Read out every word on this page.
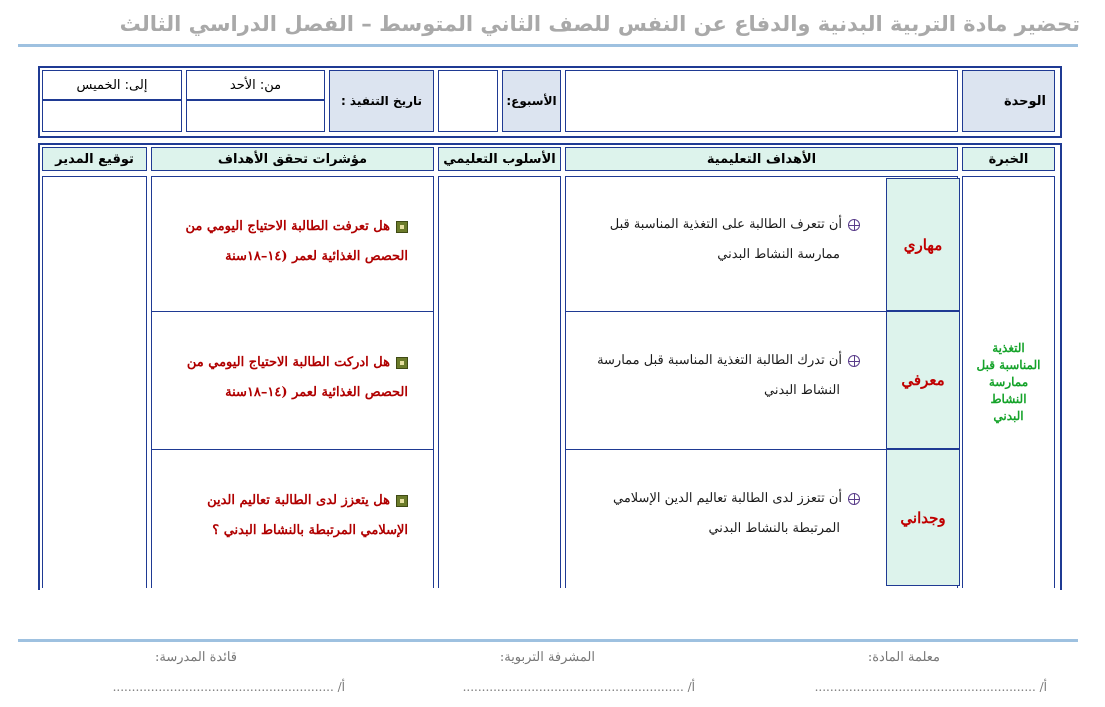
تحضير مادة التربية البدنية والدفاع عن النفس للصف الثاني المتوسط – الفصل الدراسي الثالث
الوحدة
الأسبوع:
تاريخ التنفيذ :
من: الأحد
إلى: الخميس
الخبرة
الأهداف التعليمية
الأسلوب التعليمي
مؤشرات تحقق الأهداف
توقيع المدير
التغذية المناسبة قبل ممارسة النشاط البدني
مهاري
معرفي
وجداني
أن تتعرف الطالبة على التغذية المناسبة قبل
ممارسة النشاط البدني
أن تدرك الطالبة التغذية المناسبة قبل ممارسة
النشاط البدني
أن تتعزز لدى الطالبة تعاليم الدين الإسلامي
المرتبطة بالنشاط البدني
هل تعرفت الطالبة الاحتياج اليومي من
الحصص الغذائية لعمر (١٤–١٨سنة
هل ادركت الطالبة الاحتياج اليومي من
الحصص الغذائية لعمر (١٤–١٨سنة
هل يتعزز لدى الطالبة تعاليم الدين
الإسلامي المرتبطة بالنشاط البدني ؟
معلمة المادة:
المشرفة التربوية:
قائدة المدرسة:
أ/ ..........................................................
أ/ ..........................................................
أ/ ..........................................................
